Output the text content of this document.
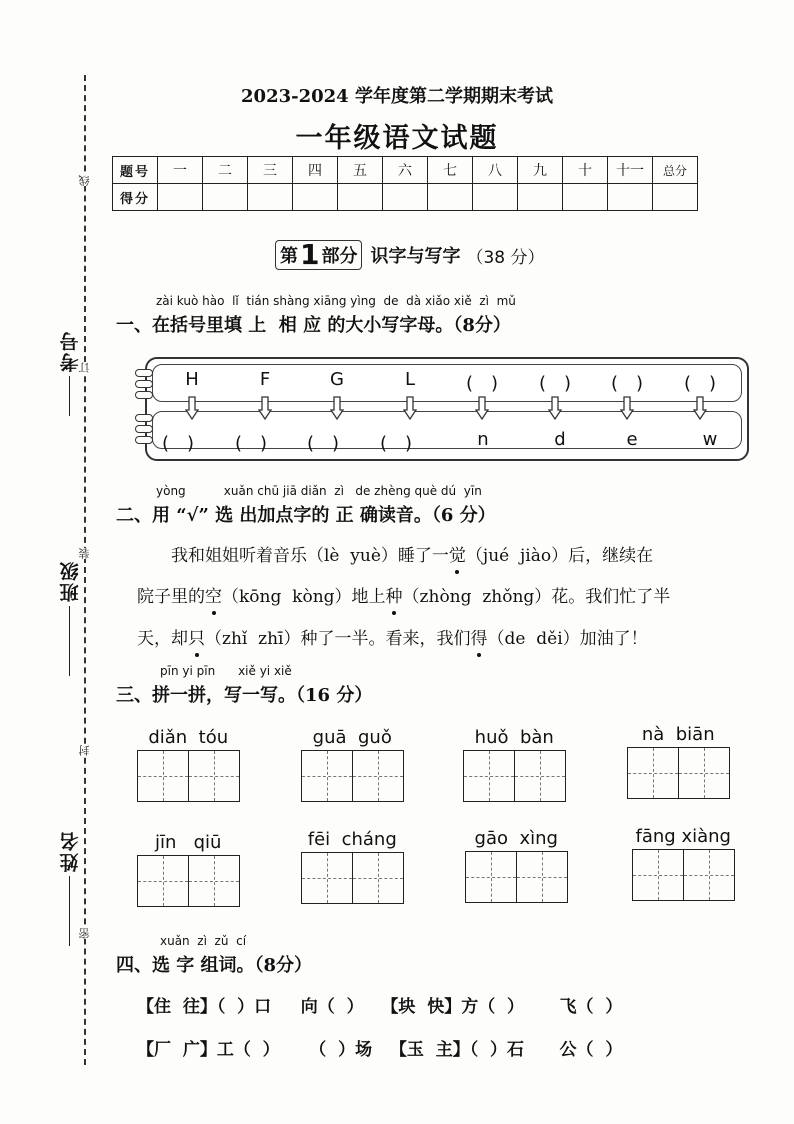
线
订
装
封
密
考号
班级
姓名
2023-2024 学年度第二学期期末考试
一年级语文试题
题号	一	二	三	四	五	六	七	八	九	十	十一	总分
得分												
第 1 部分 识字与写字 （38 分）
zài kuò hào  lǐ  tián shàng xiāng yìng  de  dà xiǎo xiě  zì  mǔ
一、在括号里填 上  相 应 的大小写字母。（8分）
H	F	G	L	(　)	(　)	(　)	(　)
(　)	(　)	(　)	(　)	n	d	e	w
yòng          xuǎn chū jiā diǎn  zì   de zhèng què dú  yīn
二、用 “√” 选 出加点字的 正 确读音。（6 分）
　　我和姐姐听着音乐（lè  yuè）睡了一觉（jué  jiào）后，继续在
院子里的空（kōng  kòng）地上种（zhòng  zhǒng）花。我们忙了半
天，却只（zhǐ  zhī）种了一半。看来，我们得（de  děi）加油了！
pīn yi pīn      xiě yi xiě
三、拼一拼，写一写。（16 分）
diǎn  tóu	guā  guǒ	huǒ  bàn	nà  biān
jīn   qiū	fēi  cháng	gāo  xìng	fāng xiàng
xuǎn  zì  zǔ  cí
四、选 字 组词。（8分）
【住  往】（  ）口     向（  ）   【块  快】方（  ）      飞（  ）
【厂  广】工（  ）     （  ）场   【玉  主】（  ）石      公（  ）
